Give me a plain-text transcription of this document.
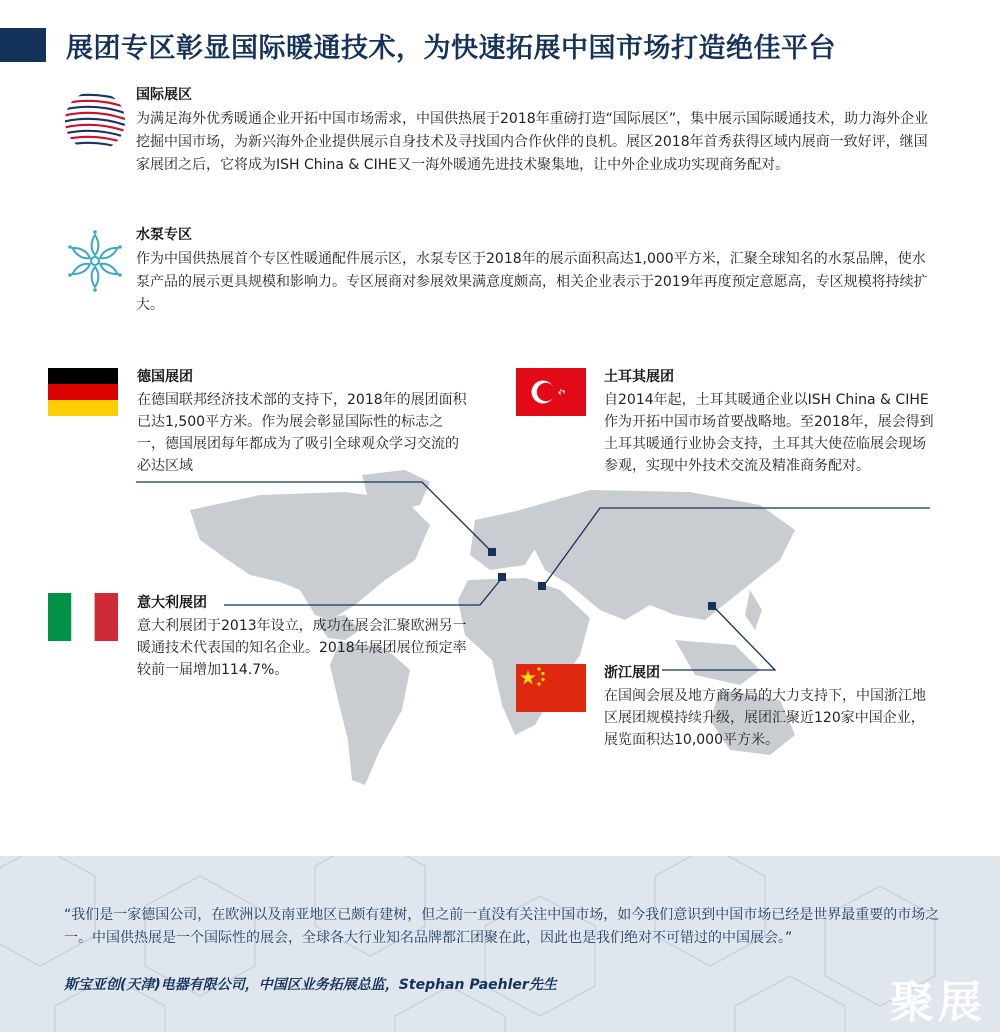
展团专区彰显国际暖通技术，为快速拓展中国市场打造绝佳平台
国际展区

为满足海外优秀暖通企业开拓中国市场需求，中国供热展于2018年重磅打造“国际展区”，集中展示国际暖通技术，助力海外企业挖掘中国市场，为新兴海外企业提供展示自身技术及寻找国内合作伙伴的良机。展区2018年首秀获得区域内展商一致好评，继国家展团之后，它将成为ISH China & CIHE又一海外暖通先进技术聚集地，让中外企业成功实现商务配对。

水泵专区

作为中国供热展首个专区性暖通配件展示区，水泵专区于2018年的展示面积高达1,000平方米，汇聚全球知名的水泵品牌，使水泵产品的展示更具规模和影响力。专区展商对参展效果满意度颇高，相关企业表示于2019年再度预定意愿高，专区规模将持续扩大。

德国展团

在德国联邦经济技术部的支持下，2018年的展团面积已达1,500平方米。作为展会彰显国际性的标志之一，德国展团每年都成为了吸引全球观众学习交流的必达区域

土耳其展团

自2014年起，土耳其暖通企业以ISH China & CIHE作为开拓中国市场首要战略地。至2018年，展会得到土耳其暖通行业协会支持，土耳其大使莅临展会现场参观，实现中外技术交流及精准商务配对。

意大利展团

意大利展团于2013年设立，成功在展会汇聚欧洲另一暖通技术代表国的知名企业。2018年展团展位预定率较前一届增加114.7%。	浙江展团

在国闽会展及地方商务局的大力支持下，中国浙江地区展团规模持续升级，展团汇聚近120家中国企业，展览面积达10,000平方米。

“我们是一家德国公司，在欧洲以及南亚地区已颇有建树，但之前一直没有关注中国市场，如今我们意识到中国市场已经是世界最重要的市场之一。中国供热展是一个国际性的展会，全球各大行业知名品牌都汇团聚在此，因此也是我们绝对不可错过的中国展会。”

斯宝亚创(天津)电器有限公司，中国区业务拓展总监，Stephan Paehler先生	聚展
